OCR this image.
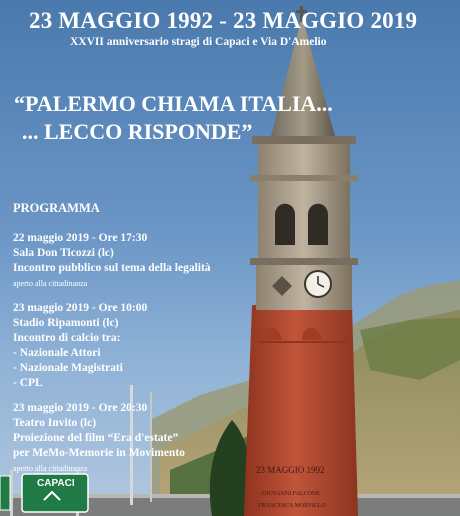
CAPACI
23 MAGGIO 1992 - 23 MAGGIO 2019
XXVII anniversario stragi di Capaci e Via D'Amelio
“PALERMO CHIAMA ITALIA...
... LECCO RISPONDE”
PROGRAMMA
22 maggio 2019 - Ore 17:30
Sala Don Ticozzi (lc)
Incontro pubblico sul tema della legalità
aperto alla cittadinanza
23 maggio 2019 - Ore 10:00
Stadio Ripamonti (lc)
Incontro di calcio tra:
- Nazionale Attori
- Nazionale Magistrati
- CPL
23 maggio 2019 - Ore 20:30
Teatro Invito (lc)
Proiezione del film “Era d'estate”
per MeMo-Memorie in Movimento
aperto alla cittadinanza	23 MAGGIO 1992
GIOVANNI FALCONE
FRANCESCA MORVILLO
